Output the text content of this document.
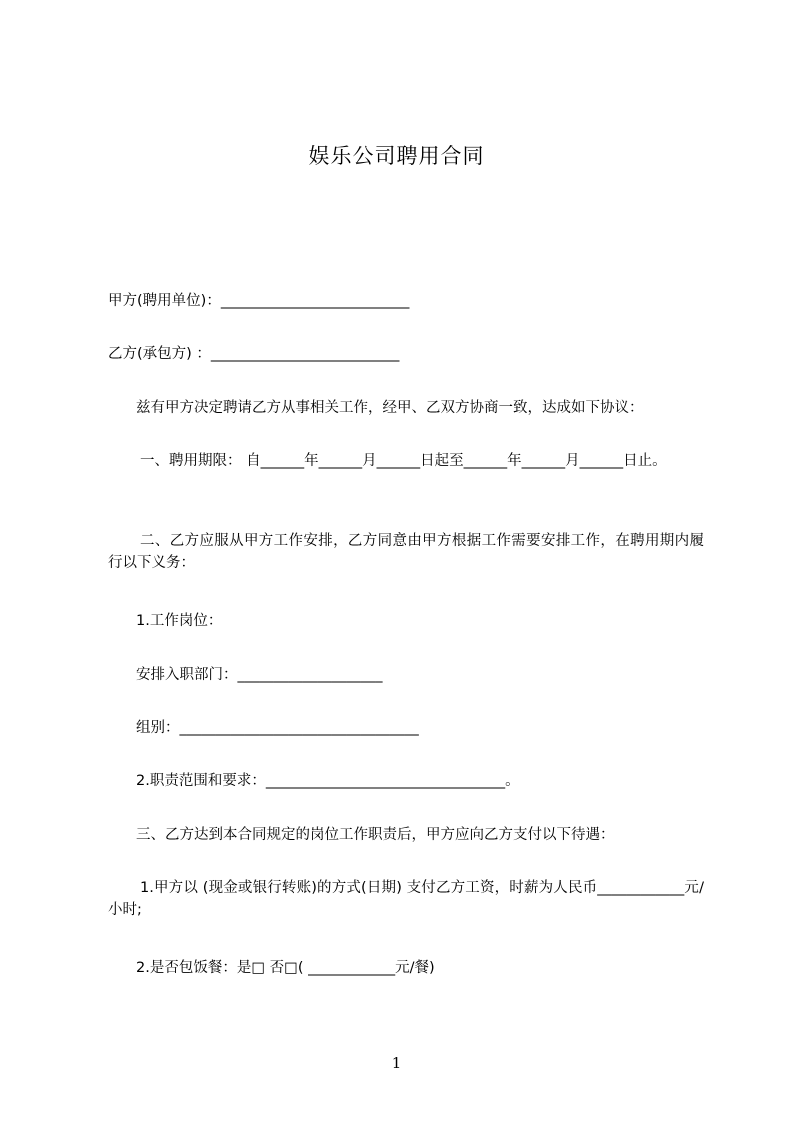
娱乐公司聘用合同
甲方(聘用单位)：__________________________
乙方(承包方) ：__________________________
兹有甲方决定聘请乙方从事相关工作，经甲、乙双方协商一致，达成如下协议：
一、聘用期限： 自______年______月______日起至______年______月______日止。
二、乙方应服从甲方工作安排，乙方同意由甲方根据工作需要安排工作，在聘用期内履行以下义务：
1.工作岗位：
安排入职部门：____________________
组别：_________________________________
2.职责范围和要求：_________________________________。
三、乙方达到本合同规定的岗位工作职责后，甲方应向乙方支付以下待遇：
1.甲方以 (现金或银行转账)的方式(日期) 支付乙方工资，时薪为人民币____________元/小时;
2.是否包饭餐：是□ 否□( ____________元/餐)
1
